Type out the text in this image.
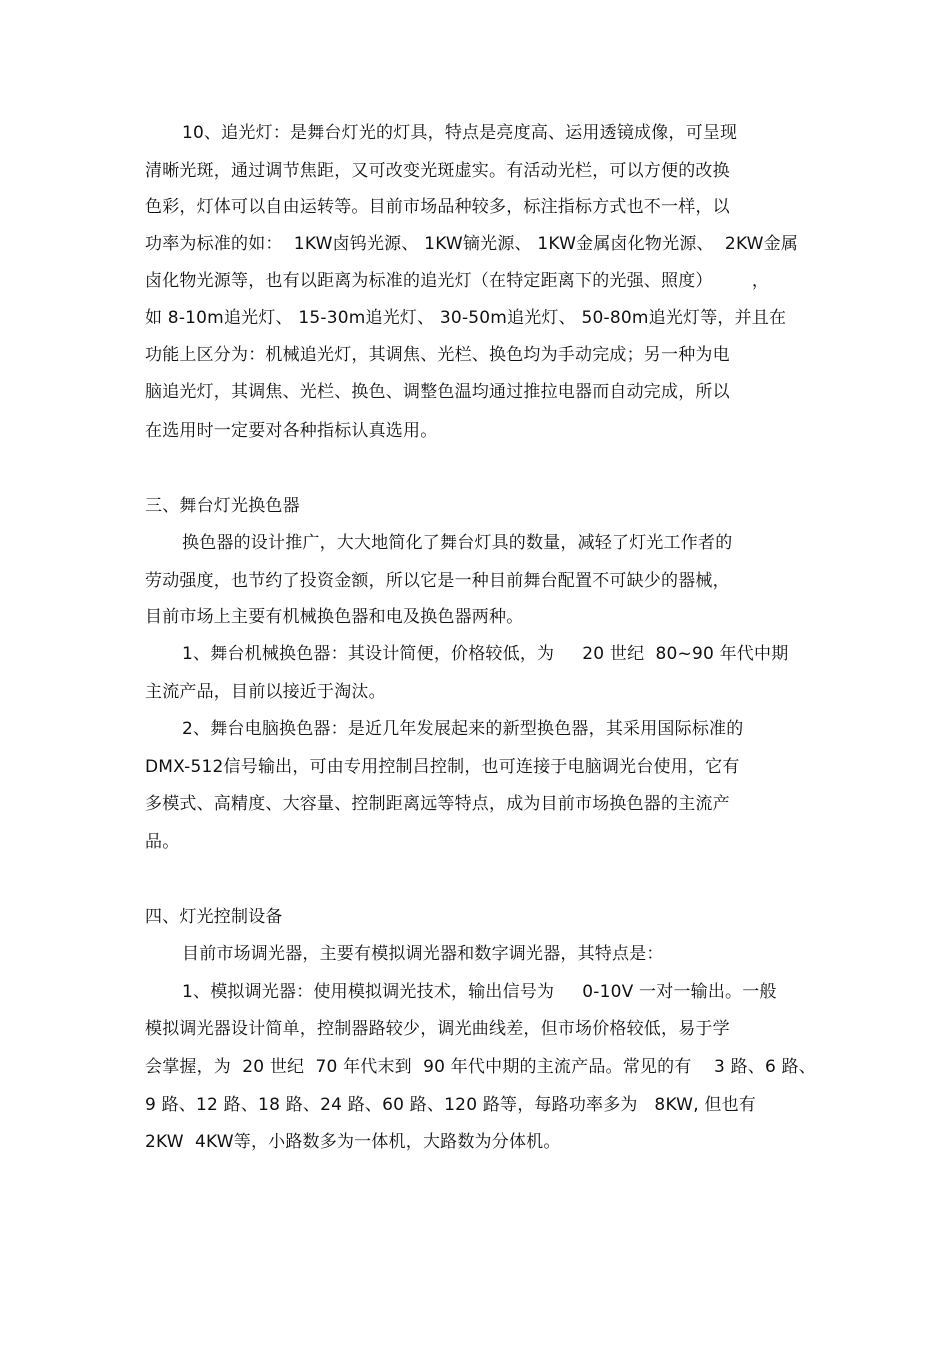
10、追光灯：是舞台灯光的灯具，特点是亮度高、运用透镜成像，可呈现
清晰光斑，通过调节焦距，又可改变光斑虚实。有活动光栏，可以方便的改换
色彩，灯体可以自由运转等。目前市场品种较多，标注指标方式也不一样，以
功率为标准的如：  1KW卤钨光源、 1KW镝光源、 1KW金属卤化物光源、  2KW金属
卤化物光源等，也有以距离为标准的追光灯（在特定距离下的光强、照度）       ，
如 8-10m追光灯、 15-30m追光灯、 30-50m追光灯、 50-80m追光灯等，并且在
功能上区分为：机械追光灯，其调焦、光栏、换色均为手动完成；另一种为电
脑追光灯，其调焦、光栏、换色、调整色温均通过推拉电器而自动完成，所以
在选用时一定要对各种指标认真选用。
三、舞台灯光换色器
换色器的设计推广，大大地简化了舞台灯具的数量，减轻了灯光工作者的
劳动强度，也节约了投资金额，所以它是一种目前舞台配置不可缺少的器械，
目前市场上主要有机械换色器和电及换色器两种。
1、舞台机械换色器：其设计简便，价格较低，为     20 世纪  80~90 年代中期
主流产品，目前以接近于淘汰。
2、舞台电脑换色器：是近几年发展起来的新型换色器，其采用国际标准的
DMX-512信号输出，可由专用控制吕控制，也可连接于电脑调光台使用，它有
多模式、高精度、大容量、控制距离远等特点，成为目前市场换色器的主流产
品。
四、灯光控制设备
目前市场调光器，主要有模拟调光器和数字调光器，其特点是：
1、模拟调光器：使用模拟调光技术，输出信号为     0-10V 一对一输出。一般
模拟调光器设计简单，控制器路较少，调光曲线差，但市场价格较低，易于学
会掌握，为  20 世纪  70 年代末到  90 年代中期的主流产品。常见的有    3 路、6 路、
9 路、12 路、18 路、24 路、60 路、120 路等，每路功率多为   8KW, 但也有
2KW  4KW等，小路数多为一体机，大路数为分体机。
